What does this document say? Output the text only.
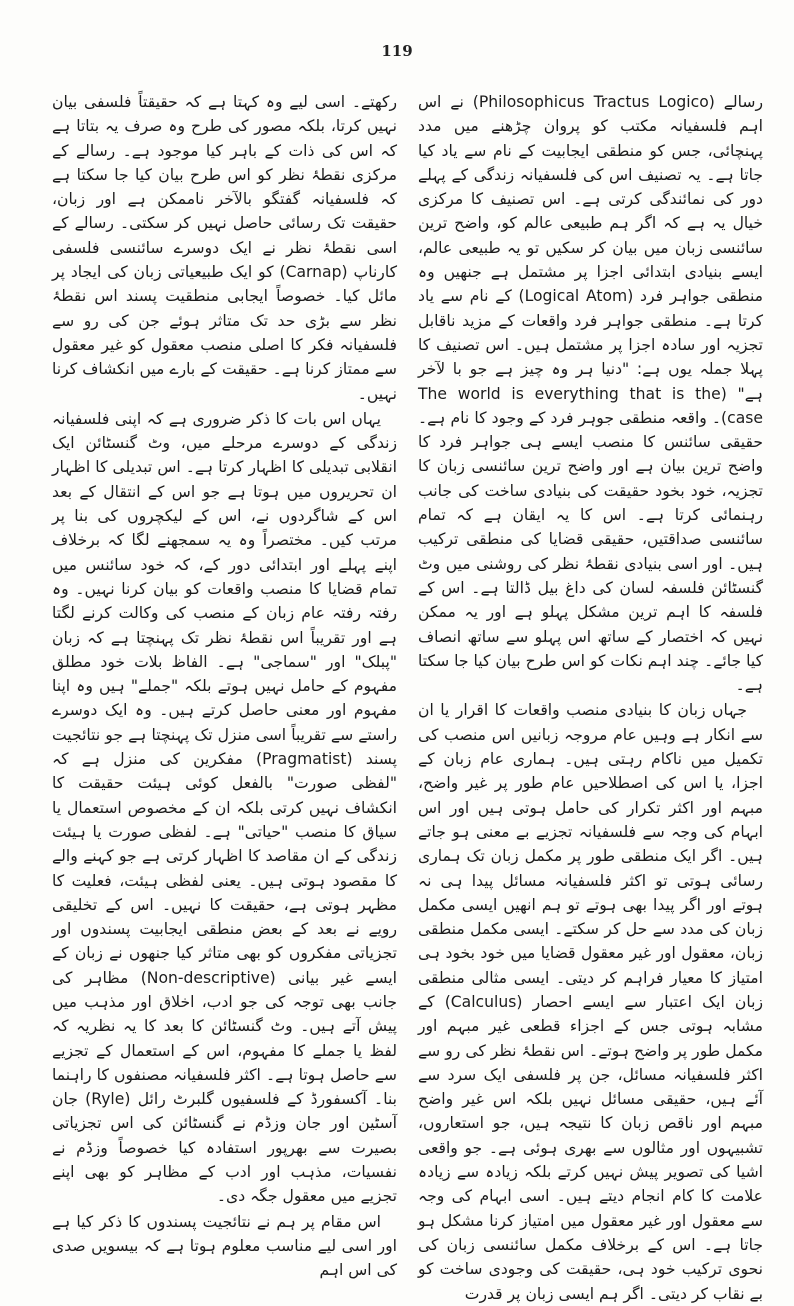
119

رسالے (Philosophicus Tractus Logico) نے اس اہم فلسفیانہ مکتب کو پروان چڑھنے میں مدد پہنچائی، جس کو منطقی ایجابیت کے نام سے یاد کیا جاتا ہے۔ یہ تصنیف اس کی فلسفیانہ زندگی کے پہلے دور کی نمائندگی کرتی ہے۔ اس تصنیف کا مرکزی خیال یہ ہے کہ اگر ہم طبیعی عالم کو، واضح ترین سائنسی زبان میں بیان کر سکیں تو یہ طبیعی عالم، ایسے بنیادی ابتدائی اجزا پر مشتمل ہے جنھیں وہ منطقی جواہر فرد (Logical Atom) کے نام سے یاد کرتا ہے۔ منطقی جواہر فرد واقعات کے مزید ناقابل تجزیہ اور سادہ اجزا پر مشتمل ہیں۔ اس تصنیف کا پہلا جملہ یوں ہے: "دنیا ہر وہ چیز ہے جو با لآخر ہے" (The world is everything that is the case)۔ واقعہ منطقی جوہر فرد کے وجود کا نام ہے۔ حقیقی سائنس کا منصب ایسے ہی جواہر فرد کا واضح ترین بیان ہے اور واضح ترین سائنسی زبان کا تجزیہ، خود بخود حقیقت کی بنیادی ساخت کی جانب رہنمائی کرتا ہے۔ اس کا یہ ایقان ہے کہ تمام سائنسی صداقتیں، حقیقی قضایا کی منطقی ترکیب ہیں۔ اور اسی بنیادی نقطۂ نظر کی روشنی میں وٹ گنسٹائن فلسفہ لسان کی داغ بیل ڈالتا ہے۔ اس کے فلسفہ کا اہم ترین مشکل پہلو ہے اور یہ ممکن نہیں کہ اختصار کے ساتھ اس پہلو سے ساتھ انصاف کیا جائے۔ چند اہم نکات کو اس طرح بیان کیا جا سکتا ہے۔

جہاں زبان کا بنیادی منصب واقعات کا اقرار یا ان سے انکار ہے وہیں عام مروجہ زبانیں اس منصب کی تکمیل میں ناکام رہتی ہیں۔ ہماری عام زبان کے اجزا، یا اس کی اصطلاحیں عام طور پر غیر واضح، مبہم اور اکثر تکرار کی حامل ہوتی ہیں اور اس ابہام کی وجہ سے فلسفیانہ تجزیے بے معنی ہو جاتے ہیں۔ اگر ایک منطقی طور پر مکمل زبان تک ہماری رسائی ہوتی تو اکثر فلسفیانہ مسائل پیدا ہی نہ ہوتے اور اگر پیدا بھی ہوتے تو ہم انھیں ایسی مکمل زبان کی مدد سے حل کر سکتے۔ ایسی مکمل منطقی زبان، معقول اور غیر معقول قضایا میں خود بخود ہی امتیاز کا معیار فراہم کر دیتی۔ ایسی مثالی منطقی زبان ایک اعتبار سے ایسے احصار (Calculus) کے مشابہ ہوتی جس کے اجزاء قطعی غیر مبہم اور مکمل طور پر واضح ہوتے۔ اس نقطۂ نظر کی رو سے اکثر فلسفیانہ مسائل، جن پر فلسفی ایک سرد سے آئے ہیں، حقیقی مسائل نہیں بلکہ اس غیر واضح مبہم اور ناقص زبان کا نتیجہ ہیں، جو استعاروں، تشبیہوں اور مثالوں سے بھری ہوئی ہے۔ جو واقعی اشیا کی تصویر پیش نہیں کرتے بلکہ زیادہ سے زیادہ علامت کا کام انجام دیتے ہیں۔ اسی ابہام کی وجہ سے معقول اور غیر معقول میں امتیاز کرنا مشکل ہو جاتا ہے۔ اس کے برخلاف مکمل سائنسی زبان کی نحوی ترکیب خود ہی، حقیقت کی وجودی ساخت کو بے نقاب کر دیتی۔ اگر ہم ایسی زبان پر قدرت

رکھتے۔ اسی لیے وہ کہتا ہے کہ حقیقتاً فلسفی بیان نہیں کرتا، بلکہ مصور کی طرح وہ صرف یہ بتاتا ہے کہ اس کی ذات کے باہر کیا موجود ہے۔ رسالے کے مرکزی نقطۂ نظر کو اس طرح بیان کیا جا سکتا ہے کہ فلسفیانہ گفتگو بالآخر ناممکن ہے اور زبان، حقیقت تک رسائی حاصل نہیں کر سکتی۔ رسالے کے اسی نقطۂ نظر نے ایک دوسرے سائنسی فلسفی کارناپ (Carnap) کو ایک طبیعیاتی زبان کی ایجاد پر مائل کیا۔ خصوصاً ایجابی منطقیت پسند اس نقطۂ نظر سے بڑی حد تک متاثر ہوئے جن کی رو سے فلسفیانہ فکر کا اصلی منصب معقول کو غیر معقول سے ممتاز کرنا ہے۔ حقیقت کے بارے میں انکشاف کرنا نہیں۔

یہاں اس بات کا ذکر ضروری ہے کہ اپنی فلسفیانہ زندگی کے دوسرے مرحلے میں، وٹ گنسٹائن ایک انقلابی تبدیلی کا اظہار کرتا ہے۔ اس تبدیلی کا اظہار ان تحریروں میں ہوتا ہے جو اس کے انتقال کے بعد اس کے شاگردوں نے، اس کے لیکچروں کی بنا پر مرتب کیں۔ مختصراً وہ یہ سمجھنے لگا کہ برخلاف اپنے پہلے اور ابتدائی دور کے، کہ خود سائنس میں تمام قضایا کا منصب واقعات کو بیان کرنا نہیں۔ وہ رفتہ رفتہ عام زبان کے منصب کی وکالت کرنے لگتا ہے اور تقریباً اس نقطۂ نظر تک پہنچتا ہے کہ زبان "پبلک" اور "سماجی" ہے۔ الفاظ بلات خود مطلق مفہوم کے حامل نہیں ہوتے بلکہ "جملے" ہیں وہ اپنا مفہوم اور معنی حاصل کرتے ہیں۔ وہ ایک دوسرے راستے سے تقریباً اسی منزل تک پہنچتا ہے جو نتائجیت پسند (Pragmatist) مفکرین کی منزل ہے کہ "لفظی صورت" بالفعل کوئی ہیئت حقیقت کا انکشاف نہیں کرتی بلکہ ان کے مخصوص استعمال یا سیاق کا منصب "حیاتی" ہے۔ لفظی صورت یا ہیئت زندگی کے ان مقاصد کا اظہار کرتی ہے جو کہنے والے کا مقصود ہوتی ہیں۔ یعنی لفظی ہیئت، فعلیت کا مظہر ہوتی ہے، حقیقت کا نہیں۔ اس کے تخلیقی رویے نے بعد کے بعض منطقی ایجابیت پسندوں اور تجزیاتی مفکروں کو بھی متاثر کیا جنھوں نے زبان کے ایسے غیر بیانی (Non-descriptive) مظاہر کی جانب بھی توجہ کی جو ادب، اخلاق اور مذہب میں پیش آتے ہیں۔ وٹ گنسٹائن کا بعد کا یہ نظریہ کہ لفظ یا جملے کا مفہوم، اس کے استعمال کے تجزیے سے حاصل ہوتا ہے۔ اکثر فلسفیانہ مصنفوں کا راہنما بنا۔ آکسفورڈ کے فلسفیوں گلبرٹ رائل (Ryle) جان آسٹین اور جان وزڈم نے گنسٹائن کی اس تجزیاتی بصیرت سے بھرپور استفادہ کیا خصوصاً وزڈم نے نفسیات، مذہب اور ادب کے مظاہر کو بھی اپنے تجزیے میں معقول جگہ دی۔

اس مقام پر ہم نے نتائجیت پسندوں کا ذکر کیا ہے اور اسی لیے مناسب معلوم ہوتا ہے کہ بیسویں صدی کی اس اہم
